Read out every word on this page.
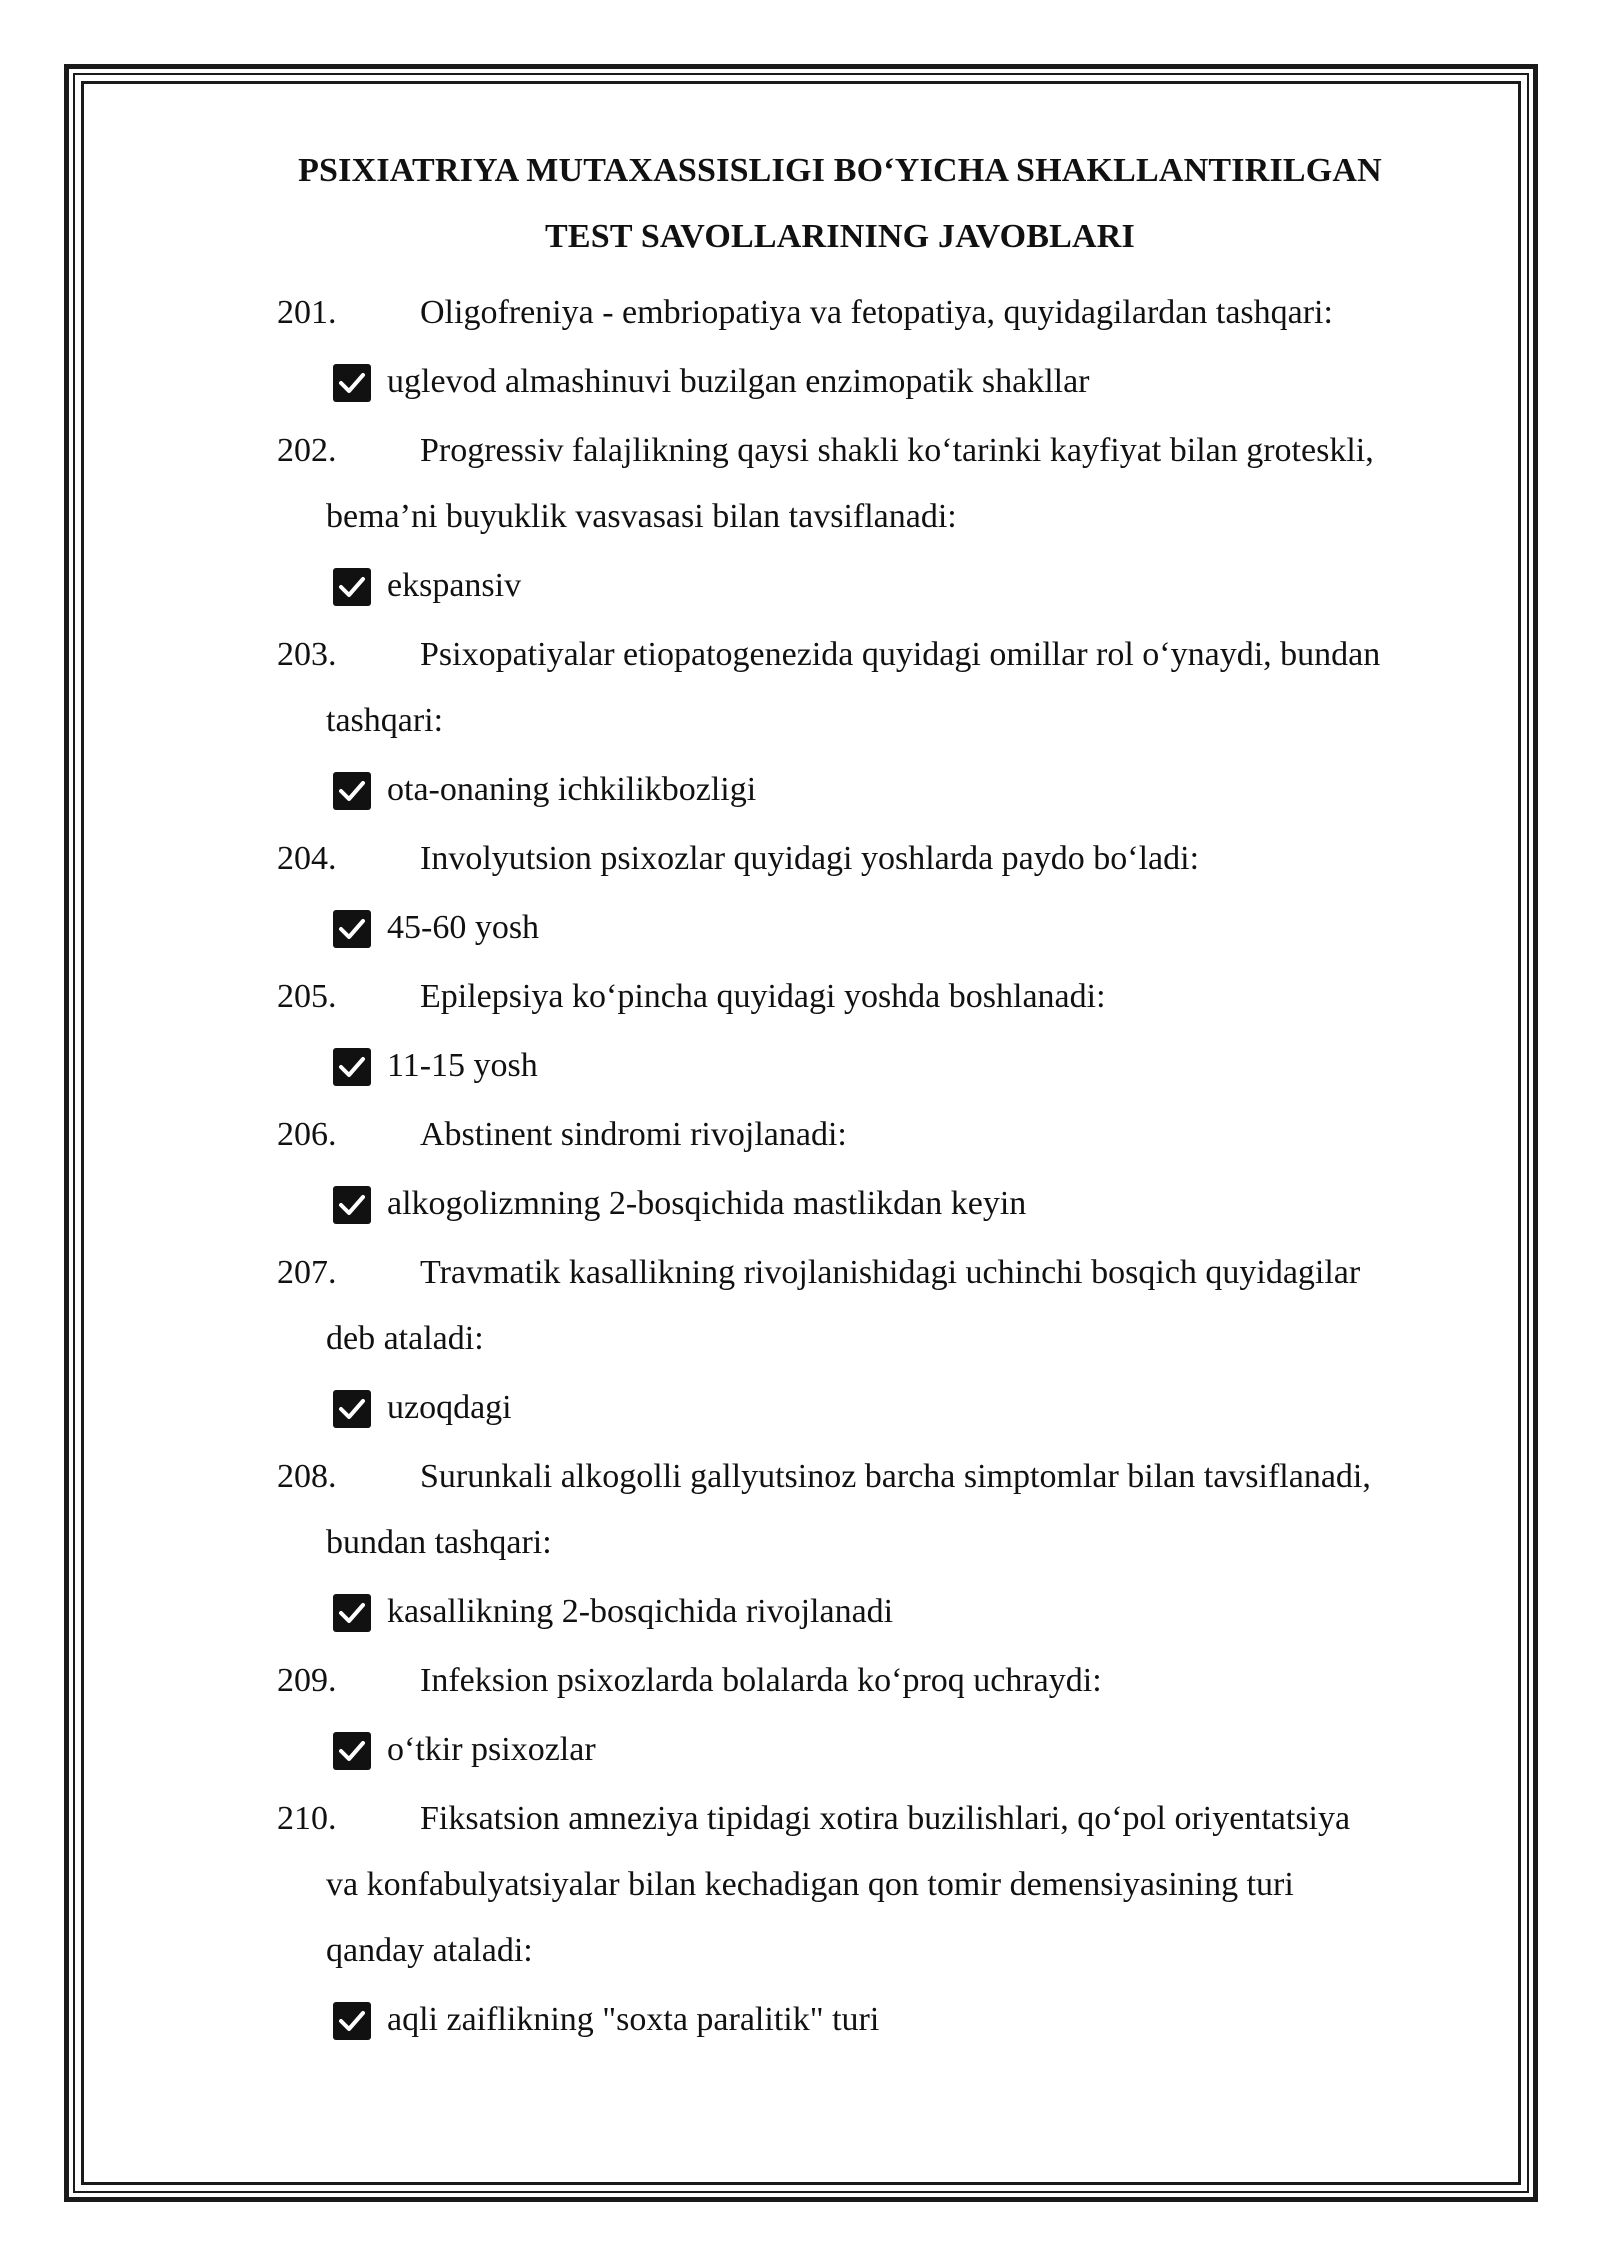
PSIXIATRIYA MUTAXASSISLIGI BO‘YICHA SHAKLLANTIRILGAN
TEST SAVOLLARINING JAVOBLARI
201.	Oligofreniya - embriopatiya va fetopatiya, quyidagilardan tashqari:
uglevod almashinuvi buzilgan enzimopatik shakllar
202.	Progressiv falajlikning qaysi shakli ko‘tarinki kayfiyat bilan groteskli,
bema’ni buyuklik vasvasasi bilan tavsiflanadi:
ekspansiv
203.	Psixopatiyalar etiopatogenezida quyidagi omillar rol o‘ynaydi, bundan
tashqari:
ota-onaning ichkilikbozligi
204.	Involyutsion psixozlar quyidagi yoshlarda paydo bo‘ladi:
45-60 yosh
205.	Epilepsiya ko‘pincha quyidagi yoshda boshlanadi:
11-15 yosh
206.	Abstinent sindromi rivojlanadi:
alkogolizmning 2-bosqichida mastlikdan keyin
207.	Travmatik kasallikning rivojlanishidagi uchinchi bosqich quyidagilar
deb ataladi:
uzoqdagi
208.	Surunkali alkogolli gallyutsinoz barcha simptomlar bilan tavsiflanadi,
bundan tashqari:
kasallikning 2-bosqichida rivojlanadi
209.	Infeksion psixozlarda bolalarda ko‘proq uchraydi:
o‘tkir psixozlar
210.	Fiksatsion amneziya tipidagi xotira buzilishlari, qo‘pol oriyentatsiya
va konfabulyatsiyalar bilan kechadigan qon tomir demensiyasining turi
qanday ataladi:
aqli zaiflikning "soxta paralitik" turi
